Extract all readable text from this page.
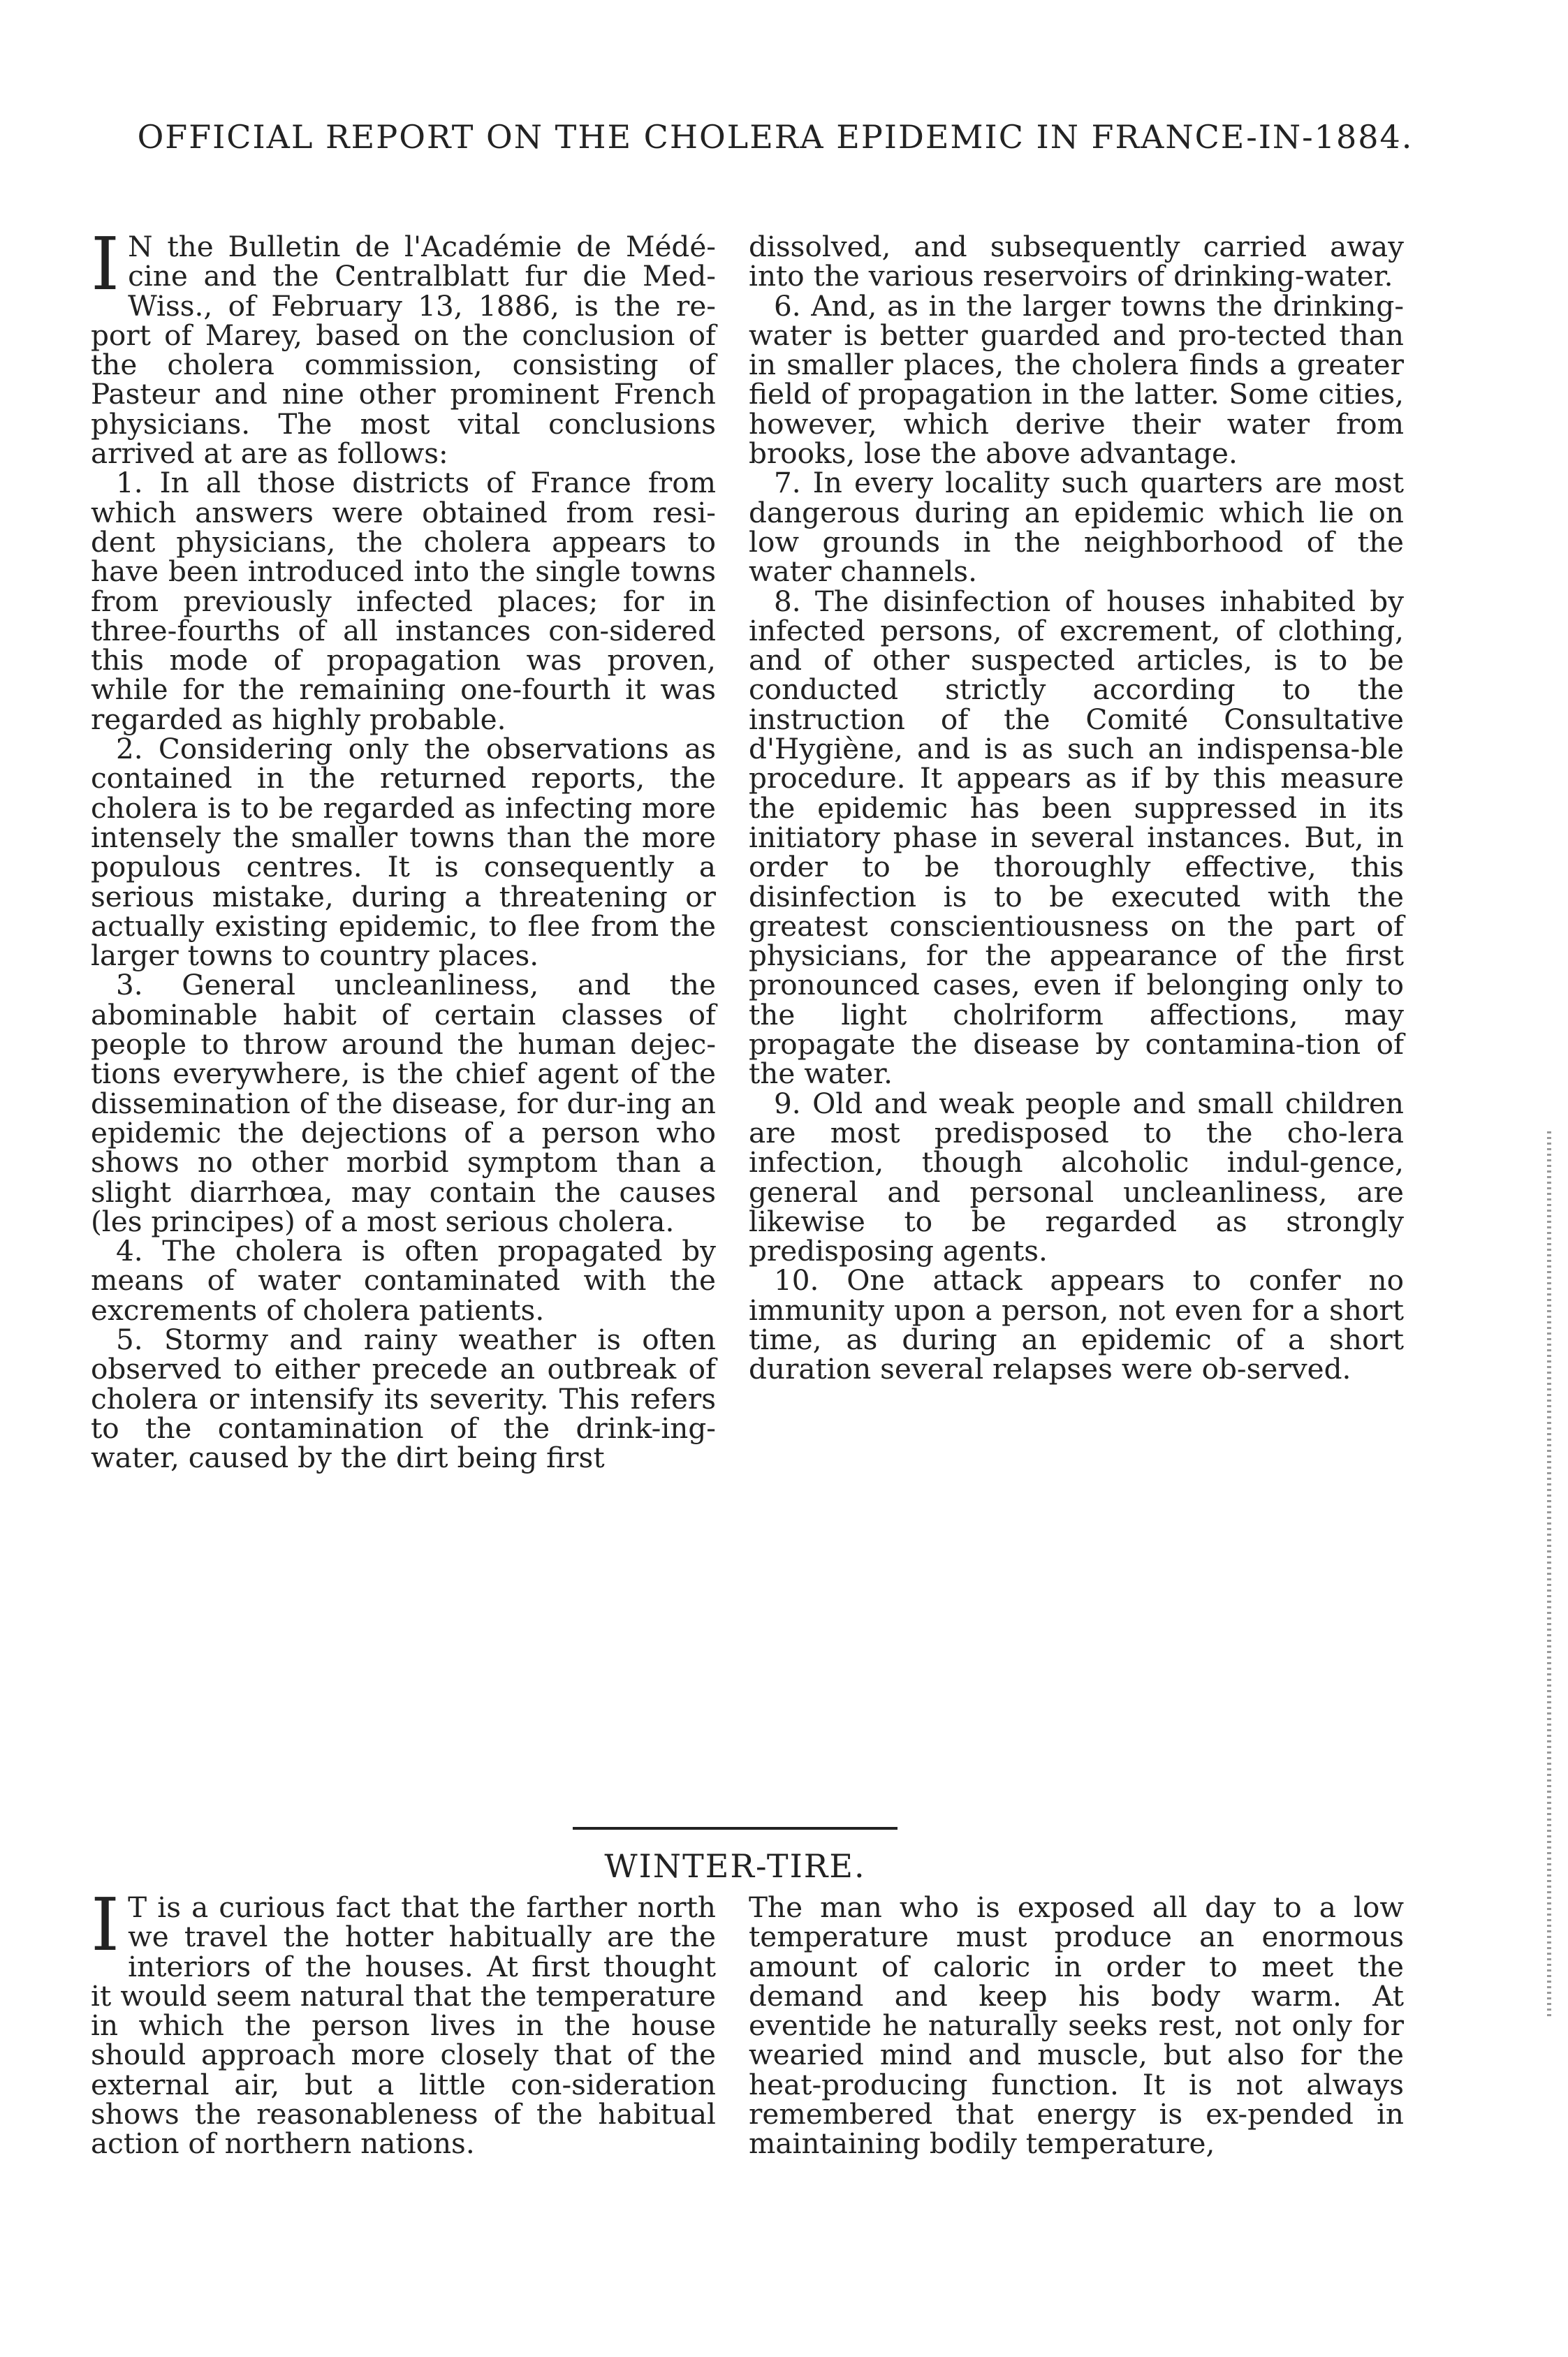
OFFICIAL REPORT ON THE CHOLERA EPIDEMIC IN FRANCE-IN-1884.

I N the Bulletin de l'Académie de Médé-cine and the Centralblatt fur die Med-Wiss., of February 13, 1886, is the re-port of Marey, based on the conclusion of the cholera commission, consisting of Pasteur and nine other prominent French physicians. The most vital conclusions arrived at are as follows:

1. In all those districts of France from which answers were obtained from resi-dent physicians, the cholera appears to have been introduced into the single towns from previously infected places; for in three-fourths of all instances con-sidered this mode of propagation was proven, while for the remaining one-fourth it was regarded as highly probable.

2. Considering only the observations as contained in the returned reports, the cholera is to be regarded as infecting more intensely the smaller towns than the more populous centres. It is consequently a serious mistake, during a threatening or actually existing epidemic, to flee from the larger towns to country places.

3. General uncleanliness, and the abominable habit of certain classes of people to throw around the human dejec-tions everywhere, is the chief agent of the dissemination of the disease, for dur-ing an epidemic the dejections of a person who shows no other morbid symptom than a slight diarrhœa, may contain the causes (les principes) of a most serious cholera.

4. The cholera is often propagated by means of water contaminated with the excrements of cholera patients.

5. Stormy and rainy weather is often observed to either precede an outbreak of cholera or intensify its severity. This refers to the contamination of the drink-ing-water, caused by the dirt being first

dissolved, and subsequently carried away into the various reservoirs of drinking-water.

6. And, as in the larger towns the drinking-water is better guarded and pro-tected than in smaller places, the cholera finds a greater field of propagation in the latter. Some cities, however, which derive their water from brooks, lose the above advantage.

7. In every locality such quarters are most dangerous during an epidemic which lie on low grounds in the neighborhood of the water channels.

8. The disinfection of houses inhabited by infected persons, of excrement, of clothing, and of other suspected articles, is to be conducted strictly according to the instruction of the Comité Consultative d'Hygiène, and is as such an indispensa-ble procedure. It appears as if by this measure the epidemic has been suppressed in its initiatory phase in several instances. But, in order to be thoroughly effective, this disinfection is to be executed with the greatest conscientiousness on the part of physicians, for the appearance of the first pronounced cases, even if belonging only to the light cholriform affections, may propagate the disease by contamina-tion of the water.

9. Old and weak people and small children are most predisposed to the cho-lera infection, though alcoholic indul-gence, general and personal uncleanliness, are likewise to be regarded as strongly predisposing agents.

10. One attack appears to confer no immunity upon a person, not even for a short time, as during an epidemic of a short duration several relapses were ob-served.

WINTER-TIRE.

I T is a curious fact that the farther north we travel the hotter habitually are the interiors of the houses. At first thought it would seem natural that the temperature in which the person lives in the house should approach more closely that of the external air, but a little con-sideration shows the reasonableness of the habitual action of northern nations.

The man who is exposed all day to a low temperature must produce an enormous amount of caloric in order to meet the demand and keep his body warm. At eventide he naturally seeks rest, not only for wearied mind and muscle, but also for the heat-producing function. It is not always remembered that energy is ex-pended in maintaining bodily temperature,
